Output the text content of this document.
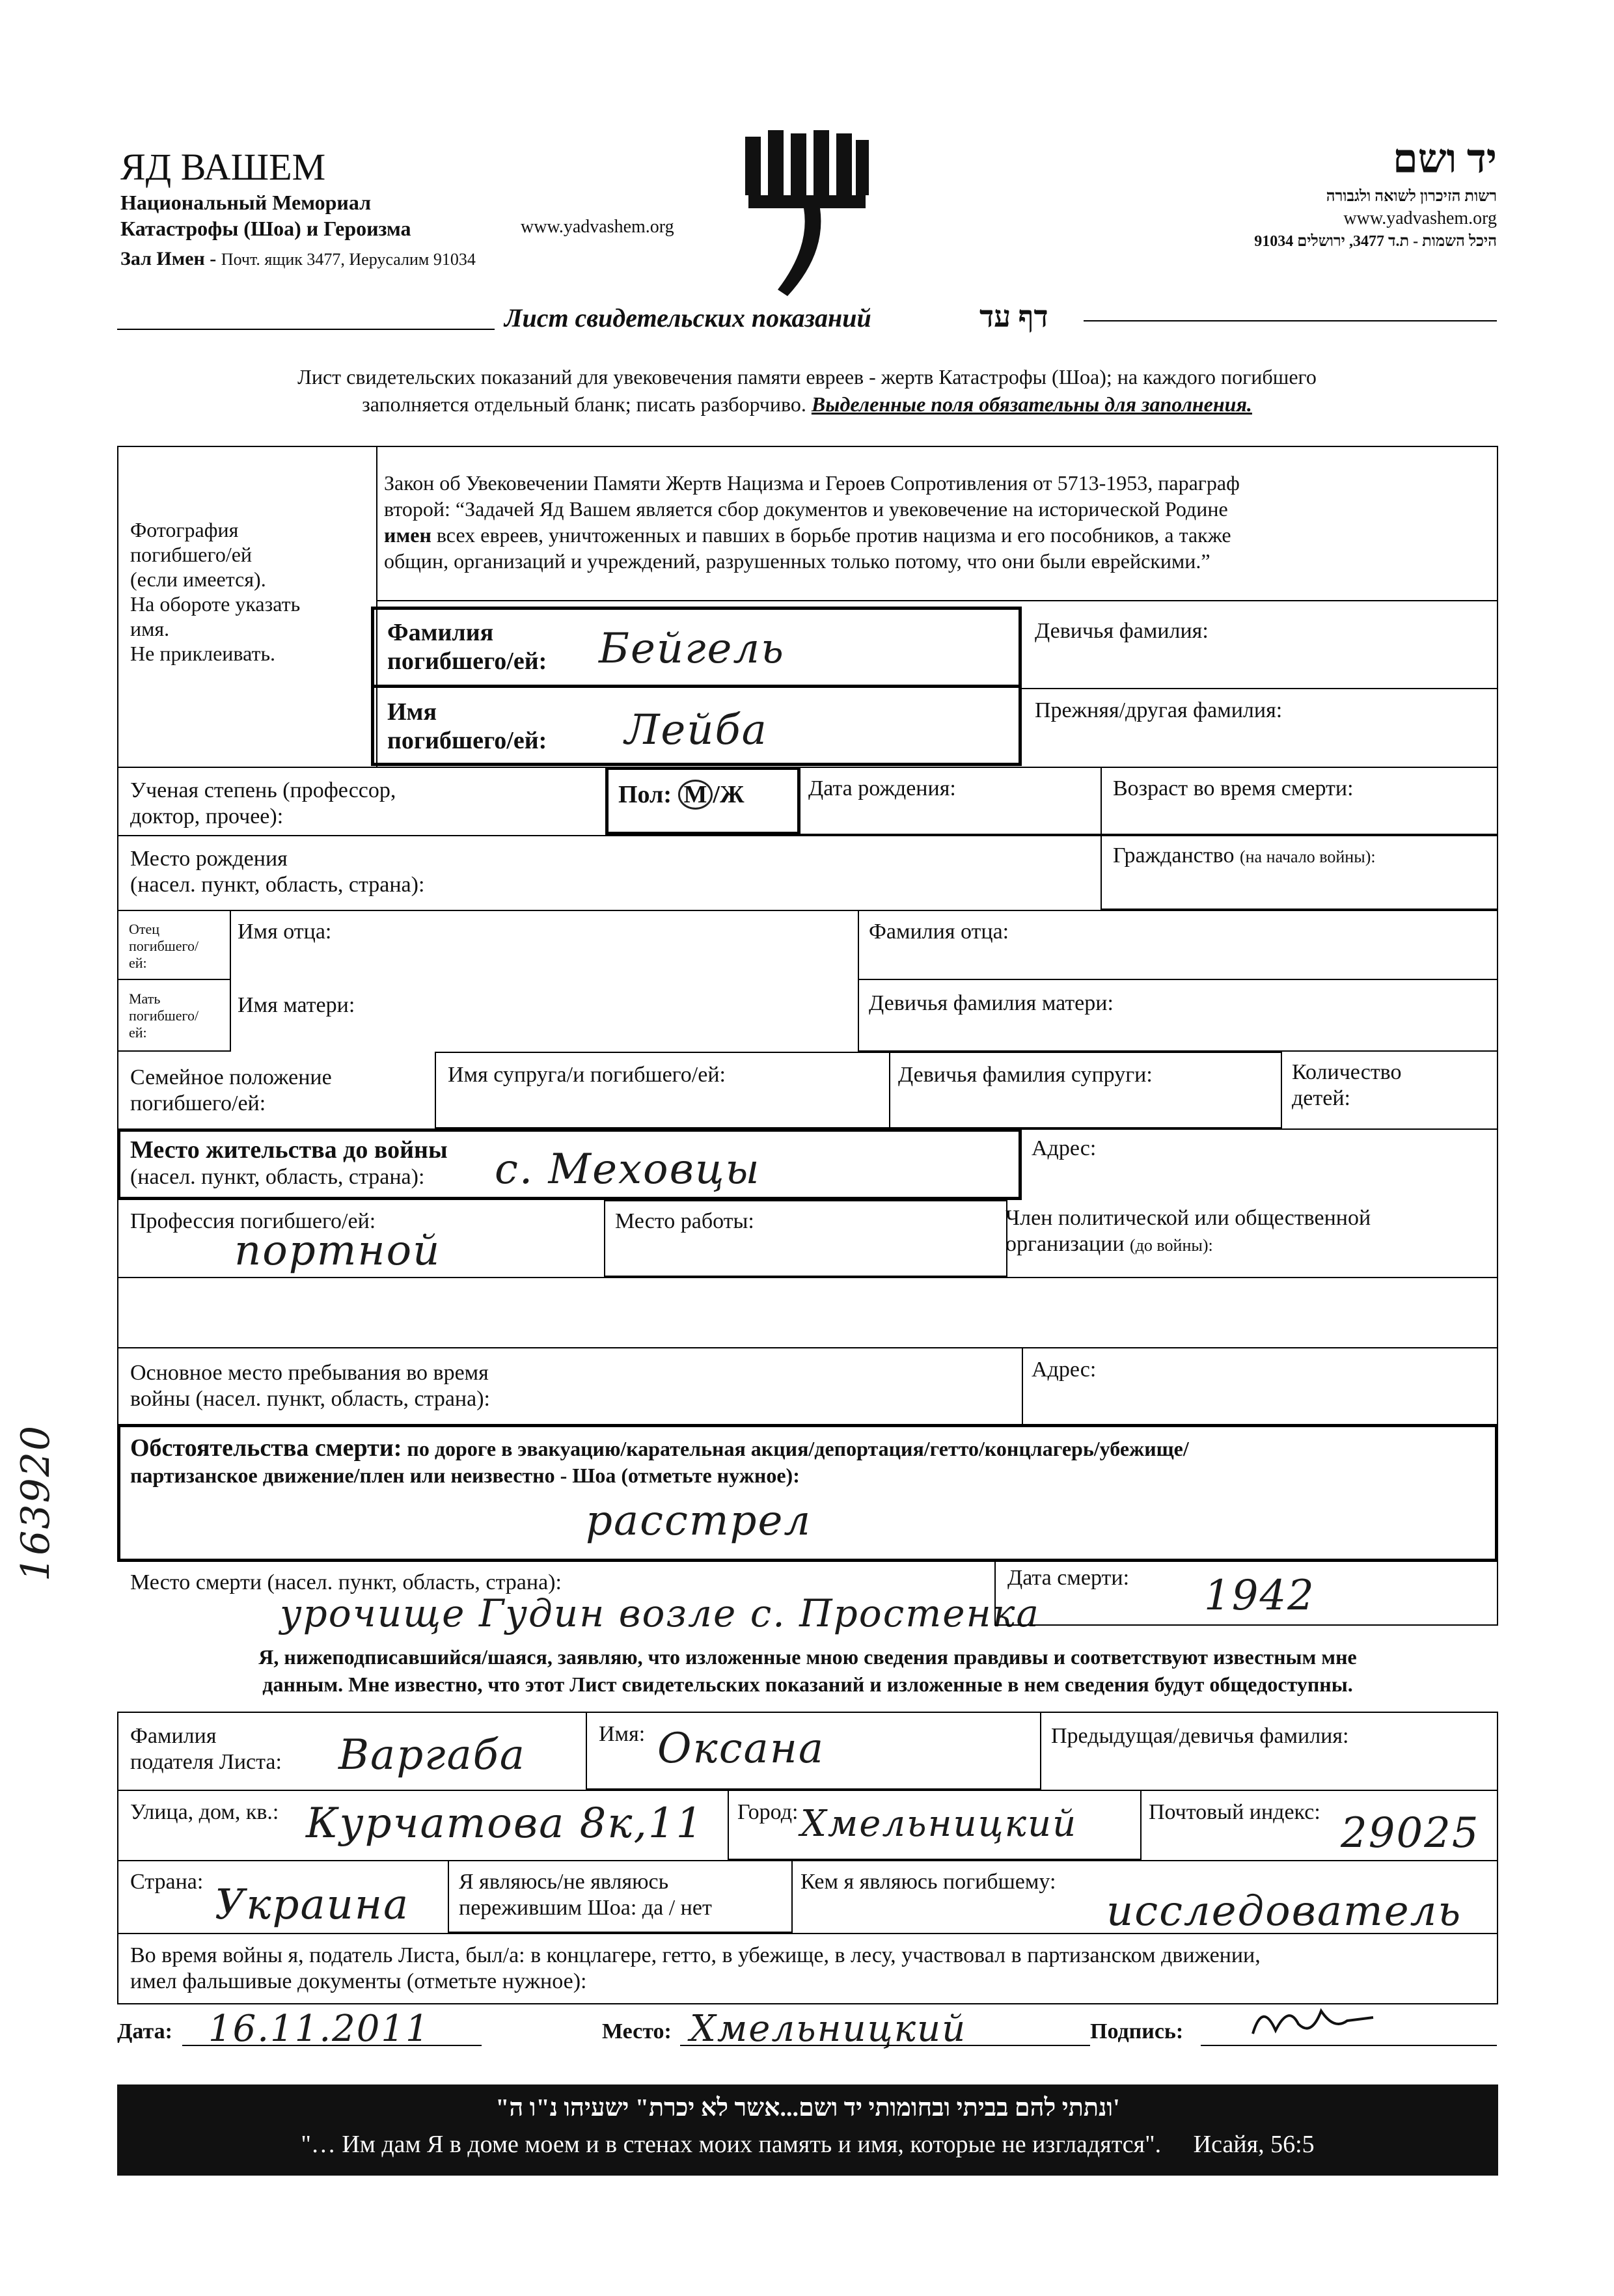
ЯД ВАШЕМ
Национальный Мемориал
Катастрофы (Шоа) и Героизма	www.yadvashem.org
Зал Имен - Почт. ящик 3477, Иерусалим 91034
יד ושם
רשות הזיכרון לשואה ולגבורה
www.yadvashem.org
91034 היכל השמות - ת.ד 3477, ירושלים
Лист свидетельских показаний	דף עד
Лист свидетельских показаний для увековечения памяти евреев - жертв Катастрофы (Шоа); на каждого погибшего
заполняется отдельный бланк; писать разборчиво. Выделенные поля обязательны для заполнения.
Фотография
погибшего/ей
(если имеется).
На обороте указать
имя.
Не приклеивать.
Закон об Увековечении Памяти Жертв Нацизма и Героев Сопротивления от 5713-1953, параграф
второй: “Задачей Яд Вашем является сбор документов и увековечение на исторической Родине
имен всех евреев, уничтоженных и павших в борьбе против нацизма и его пособников, а также
общин, организаций и учреждений, разрушенных только потому, что они были еврейскими.”
Фамилия
погибшего/ей: Бейгель	Девичья фамилия:
Имя
погибшего/ей: Лейба	Прежняя/другая фамилия:
Ученая степень (профессор,
доктор, прочее):
Пол: М /Ж	Дата рождения:	Возраст во время смерти:
Место рождения
(насел. пункт, область, страна):
Гражданство (на начало войны):
Отец
погибшего/
ей:
Имя отца:	Фамилия отца:
Мать
погибшего/
ей:
Имя матери:	Девичья фамилия матери:
Семейное положение
погибшего/ей:
Имя супруга/и погибшего/ей:	Девичья фамилия супруги:	Количество
детей:
Место жительства до войны
(насел. пункт, область, страна):	с. Меховцы	Адрес:
Профессия погибшего/ей:
портной
Место работы:	Член политической или общественной
организации (до войны):
Основное место пребывания во время
войны (насел. пункт, область, страна):
Адрес:
Обстоятельства смерти: по дороге в эвакуацию/карательная акция/депортация/гетто/концлагерь/убежище/
партизанское движение/плен или неизвестно - Шоа (отметьте нужное):
расстрел
Место смерти (насел. пункт, область, страна):
урочище Гудин возле с. Простенка
Дата смерти: 1942
Я, нижеподписавшийся/шаяся, заявляю, что изложенные мною сведения правдивы и соответствуют известным мне
данным. Мне известно, что этот Лист свидетельских показаний и изложенные в нем сведения будут общедоступны.
Фамилия
подателя Листа: Варгаба	Имя: Оксана	Предыдущая/девичья фамилия:
Улица, дом, кв.: Курчатова 8к,11 Город: Хмельницкий	Почтовый индекс: 29025
Страна: Украина Я являюсь/не являюсь
пережившим Шоа: да / нет
Кем я являюсь погибшему:
исследователь
Во время войны я, податель Листа, был/а: в концлагере, гетто, в убежище, в лесу, участвовал в партизанском движении,
имел фальшивые документы (отметьте нужное):
Дата: 16.11.2011	Место: Хмельницкий	Подпись:
"ונתתי להם בביתי ובחומותי יד ושם...אשר לא יכרת" ישעיהו נ"ו ה'
"… Им дам Я в доме моем и в стенах моих память и имя, которые не изгладятся". Исайя, 56:5
163920
